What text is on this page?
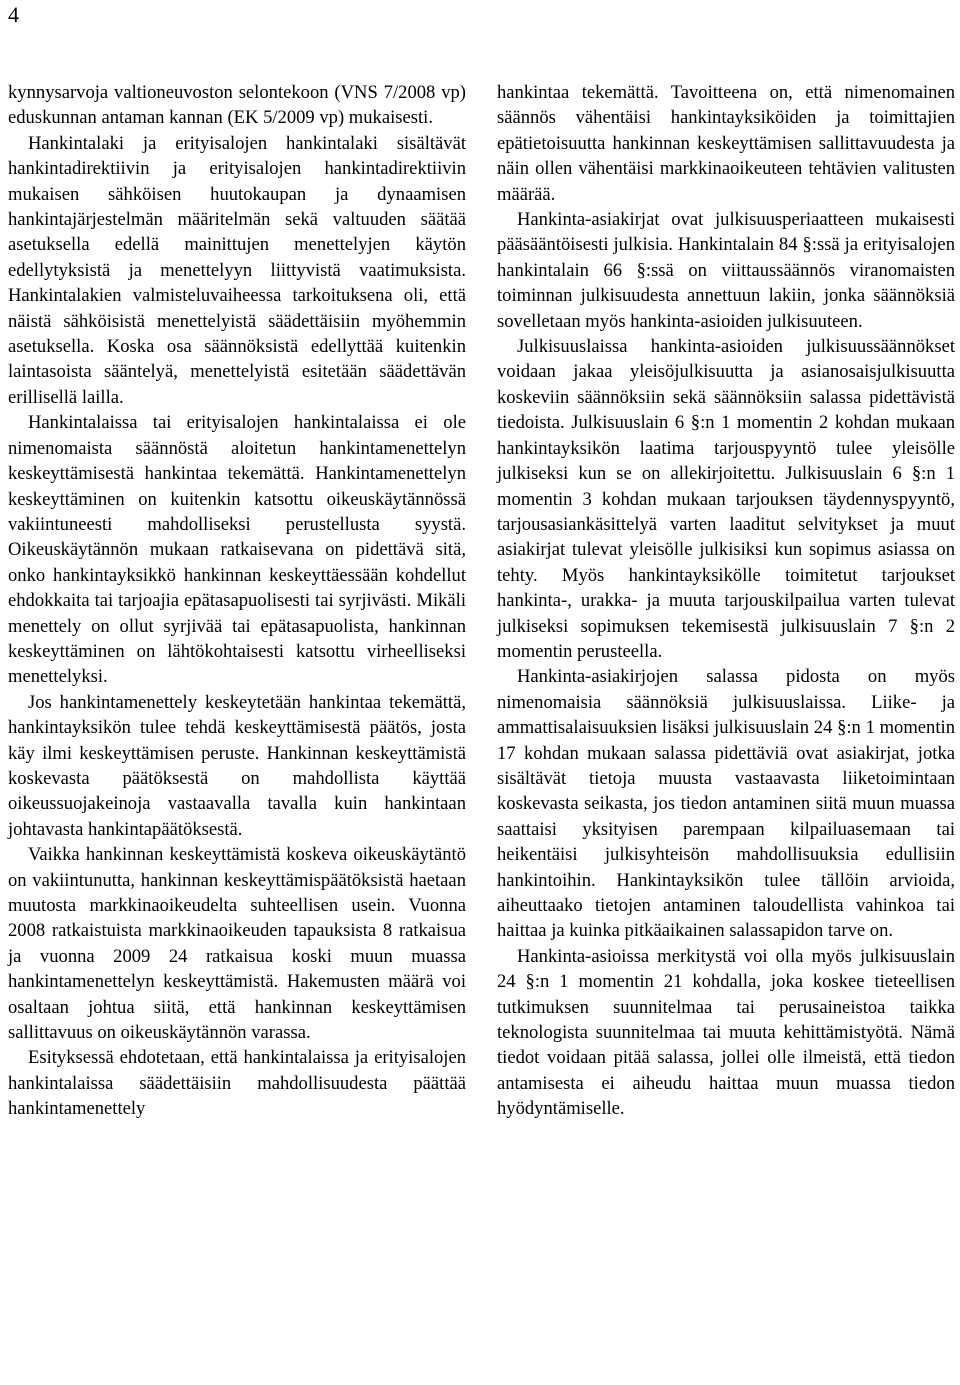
4

kynnysarvoja valtioneuvoston selontekoon (VNS 7/2008 vp) eduskunnan antaman kannan (EK 5/2009 vp) mukaisesti.

Hankintalaki ja erityisalojen hankintalaki sisältävät hankintadirektiivin ja erityisalojen hankintadirektiivin mukaisen sähköisen huutokaupan ja dynaamisen hankintajärjestelmän määritelmän sekä valtuuden säätää asetuksella edellä mainittujen menettelyjen käytön edellytyksistä ja menettelyyn liittyvistä vaatimuksista. Hankintalakien valmisteluvaiheessa tarkoituksena oli, että näistä sähköisistä menettelyistä säädettäisiin myöhemmin asetuksella. Koska osa säännöksistä edellyttää kuitenkin laintasoista sääntelyä, menettelyistä esitetään säädettävän erillisellä lailla.

Hankintalaissa tai erityisalojen hankintalaissa ei ole nimenomaista säännöstä aloitetun hankintamenettelyn keskeyttämisestä hankintaa tekemättä. Hankintamenettelyn keskeyttäminen on kuitenkin katsottu oikeuskäytännössä vakiintuneesti mahdolliseksi perustellusta syystä. Oikeuskäytännön mukaan ratkaisevana on pidettävä sitä, onko hankintayksikkö hankinnan keskeyttäessään kohdellut ehdokkaita tai tarjoajia epätasapuolisesti tai syrjivästi. Mikäli menettely on ollut syrjivää tai epätasapuolista, hankinnan keskeyttäminen on lähtökohtaisesti katsottu virheelliseksi menettelyksi.

Jos hankintamenettely keskeytetään hankintaa tekemättä, hankintayksikön tulee tehdä keskeyttämisestä päätös, josta käy ilmi keskeyttämisen peruste. Hankinnan keskeyttämistä koskevasta päätöksestä on mahdollista käyttää oikeussuojakeinoja vastaavalla tavalla kuin hankintaan johtavasta hankintapäätöksestä.

Vaikka hankinnan keskeyttämistä koskeva oikeuskäytäntö on vakiintunutta, hankinnan keskeyttämispäätöksistä haetaan muutosta markkinaoikeudelta suhteellisen usein. Vuonna 2008 ratkaistuista markkinaoikeuden tapauksista 8 ratkaisua ja vuonna 2009 24 ratkaisua koski muun muassa hankintamenettelyn keskeyttämistä. Hakemusten määrä voi osaltaan johtua siitä, että hankinnan keskeyttämisen sallittavuus on oikeuskäytännön varassa.

Esityksessä ehdotetaan, että hankintalaissa ja erityisalojen hankintalaissa säädettäisiin mahdollisuudesta päättää hankintamenettely

hankintaa tekemättä. Tavoitteena on, että nimenomainen säännös vähentäisi hankintayksiköiden ja toimittajien epätietoisuutta hankinnan keskeyttämisen sallittavuudesta ja näin ollen vähentäisi markkinaoikeuteen tehtävien valitusten määrää.

Hankinta-asiakirjat ovat julkisuusperiaatteen mukaisesti pääsääntöisesti julkisia. Hankintalain 84 §:ssä ja erityisalojen hankintalain 66 §:ssä on viittaussäännös viranomaisten toiminnan julkisuudesta annettuun lakiin, jonka säännöksiä sovelletaan myös hankinta-asioiden julkisuuteen.

Julkisuuslaissa hankinta-asioiden julkisuussäännökset voidaan jakaa yleisöjulkisuutta ja asianosaisjulkisuutta koskeviin säännöksiin sekä säännöksiin salassa pidettävistä tiedoista. Julkisuuslain 6 §:n 1 momentin 2 kohdan mukaan hankintayksikön laatima tarjouspyyntö tulee yleisölle julkiseksi kun se on allekirjoitettu. Julkisuuslain 6 §:n 1 momentin 3 kohdan mukaan tarjouksen täydennyspyyntö, tarjousasiankäsittelyä varten laaditut selvitykset ja muut asiakirjat tulevat yleisölle julkisiksi kun sopimus asiassa on tehty. Myös hankintayksikölle toimitetut tarjoukset hankinta-, urakka- ja muuta tarjouskilpailua varten tulevat julkiseksi sopimuksen tekemisestä julkisuuslain 7 §:n 2 momentin perusteella.

Hankinta-asiakirjojen salassa pidosta on myös nimenomaisia säännöksiä julkisuuslaissa. Liike- ja ammattisalaisuuksien lisäksi julkisuuslain 24 §:n 1 momentin 17 kohdan mukaan salassa pidettäviä ovat asiakirjat, jotka sisältävät tietoja muusta vastaavasta liiketoimintaan koskevasta seikasta, jos tiedon antaminen siitä muun muassa saattaisi yksityisen parempaan kilpailuasemaan tai heikentäisi julkisyhteisön mahdollisuuksia edullisiin hankintoihin. Hankintayksikön tulee tällöin arvioida, aiheuttaako tietojen antaminen taloudellista vahinkoa tai haittaa ja kuinka pitkäaikainen salassapidon tarve on.

Hankinta-asioissa merkitystä voi olla myös julkisuuslain 24 §:n 1 momentin 21 kohdalla, joka koskee tieteellisen tutkimuksen suunnitelmaa tai perusaineistoa taikka teknologista suunnitelmaa tai muuta kehittämistyötä. Nämä tiedot voidaan pitää salassa, jollei olle ilmeistä, että tiedon antamisesta ei aiheudu haittaa muun muassa tiedon hyödyntämiselle.
